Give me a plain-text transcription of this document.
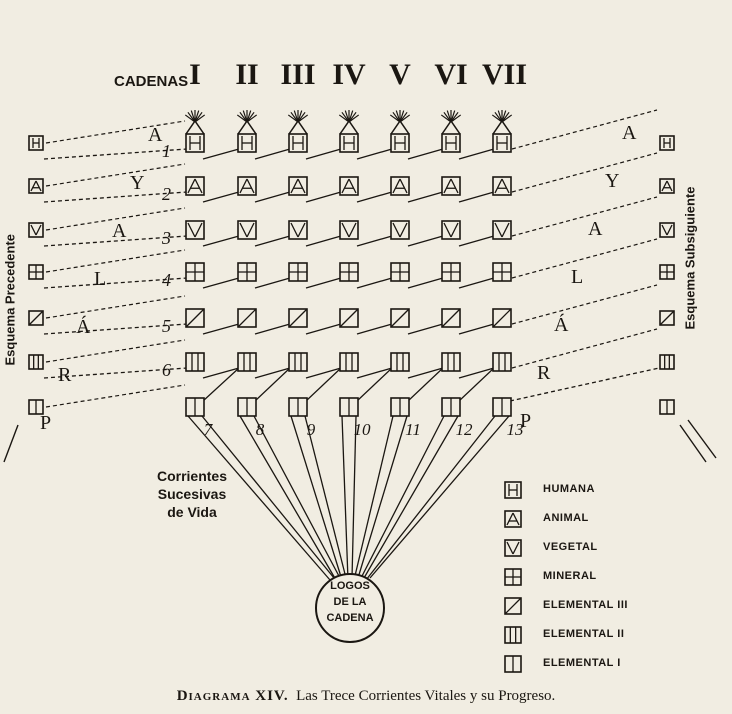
CADENAS I	II III IV V VI VII
1
2
3
4
5
6
7	8	9	10	11	12	13
A
Y
A
L
Á
R
P
A
Y
A
L
Á
R
P
Esquema Precedente	Esquema Subsiguiente
Corrientes
Sucesivas
de Vida
LOGOS
DE LA
CADENA
HUMANA
ANIMAL
VEGETAL
MINERAL
ELEMENTAL III
ELEMENTAL II
ELEMENTAL I
Diagrama XIV. Las Trece Corrientes Vitales y su Progreso.
